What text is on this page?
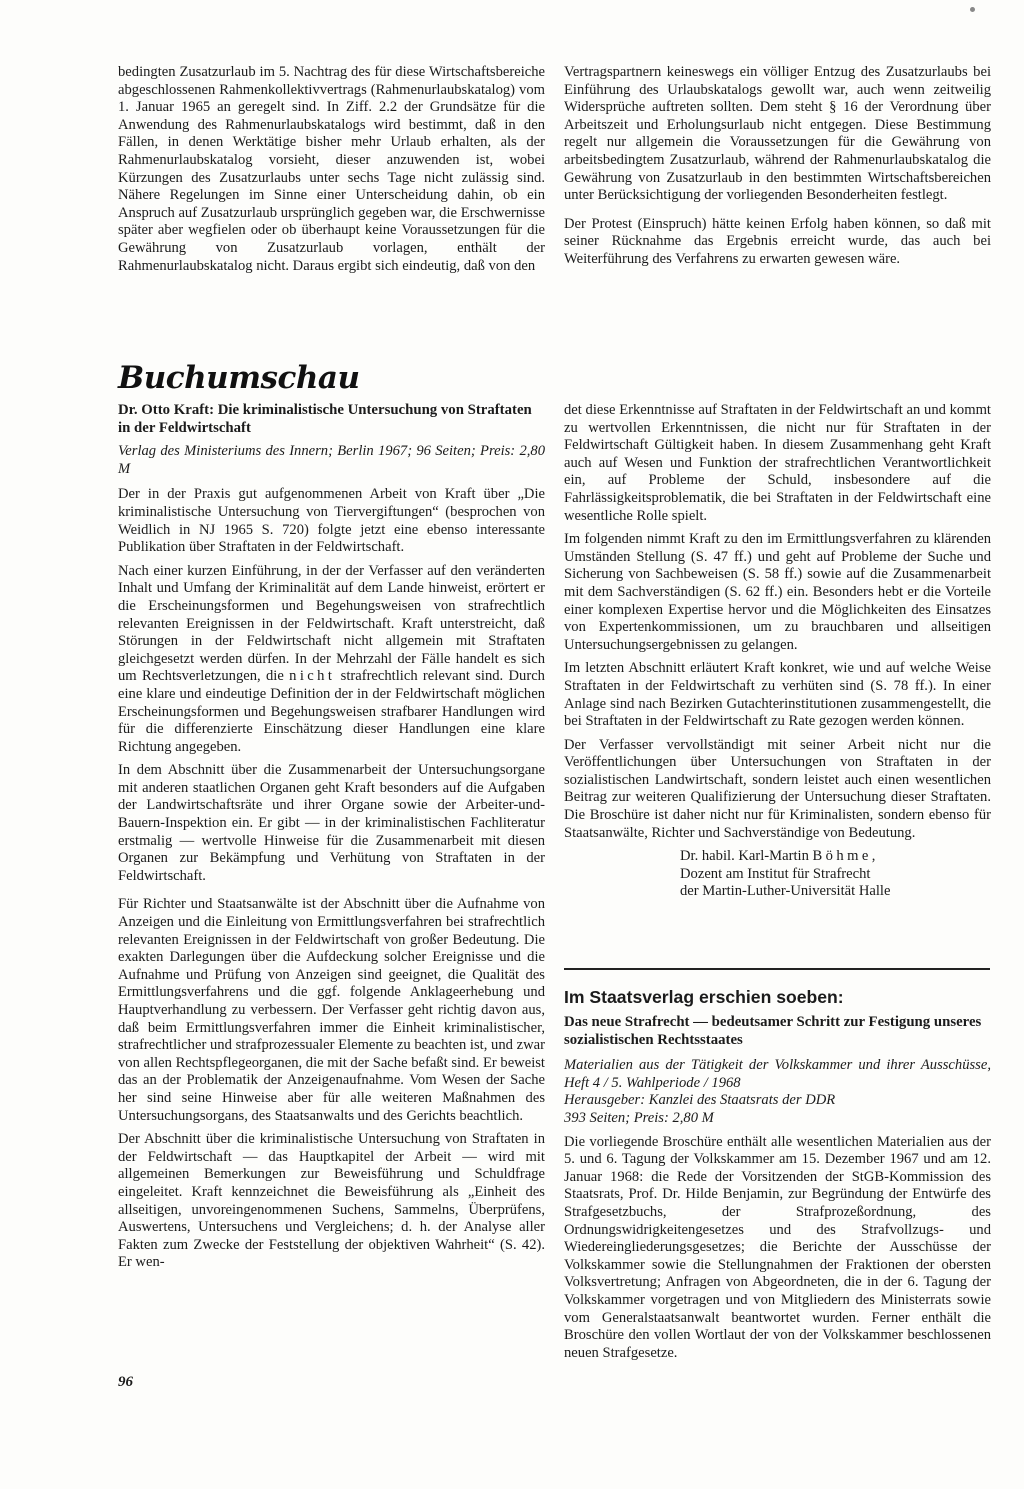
bedingten Zusatzurlaub im 5. Nachtrag des für diese Wirtschaftsbereiche abgeschlossenen Rahmenkollektivvertrags (Rahmenurlaubskatalog) vom 1. Januar 1965 an geregelt sind. In Ziff. 2.2 der Grundsätze für die Anwendung des Rahmenurlaubskatalogs wird bestimmt, daß in den Fällen, in denen Werktätige bisher mehr Urlaub erhalten, als der Rahmenurlaubskatalog vorsieht, dieser anzuwenden ist, wobei Kürzungen des Zusatzurlaubs unter sechs Tage nicht zulässig sind. Nähere Regelungen im Sinne einer Unterscheidung dahin, ob ein Anspruch auf Zusatzurlaub ursprünglich gegeben war, die Erschwernisse später aber wegfielen oder ob überhaupt keine Voraussetzungen für die Gewährung von Zusatzurlaub vorlagen, enthält der Rahmenurlaubskatalog nicht. Daraus ergibt sich eindeutig, daß von den

Vertragspartnern keineswegs ein völliger Entzug des Zusatzurlaubs bei Einführung des Urlaubskatalogs gewollt war, auch wenn zeitweilig Widersprüche auftreten sollten. Dem steht § 16 der Verordnung über Arbeitszeit und Erholungsurlaub nicht entgegen. Diese Bestimmung regelt nur allgemein die Voraussetzungen für die Gewährung von arbeitsbedingtem Zusatzurlaub, während der Rahmenurlaubskatalog die Gewährung von Zusatzurlaub in den bestimmten Wirtschaftsbereichen unter Berücksichtigung der vorliegenden Besonderheiten festlegt.

Der Protest (Einspruch) hätte keinen Erfolg haben können, so daß mit seiner Rücknahme das Ergebnis erreicht wurde, das auch bei Weiterführung des Verfahrens zu erwarten gewesen wäre.

Buchumschau

Dr. Otto Kraft: Die kriminalistische Untersuchung von Straftaten in der Feldwirtschaft

Verlag des Ministeriums des Innern; Berlin 1967; 96 Seiten; Preis: 2,80 M

Der in der Praxis gut aufgenommenen Arbeit von Kraft über „Die kriminalistische Untersuchung von Tiervergiftungen“ (besprochen von Weidlich in NJ 1965 S. 720) folgte jetzt eine ebenso interessante Publikation über Straftaten in der Feldwirtschaft.

Nach einer kurzen Einführung, in der der Verfasser auf den veränderten Inhalt und Umfang der Kriminalität auf dem Lande hinweist, erörtert er die Erscheinungsformen und Begehungsweisen von strafrechtlich relevanten Ereignissen in der Feldwirtschaft. Kraft unterstreicht, daß Störungen in der Feldwirtschaft nicht allgemein mit Straftaten gleichgesetzt werden dürfen. In der Mehrzahl der Fälle handelt es sich um Rechtsverletzungen, die nicht strafrechtlich relevant sind. Durch eine klare und eindeutige Definition der in der Feldwirtschaft möglichen Erscheinungsformen und Begehungsweisen strafbarer Handlungen wird für die differenzierte Einschätzung dieser Handlungen eine klare Richtung angegeben.

In dem Abschnitt über die Zusammenarbeit der Untersuchungsorgane mit anderen staatlichen Organen geht Kraft besonders auf die Aufgaben der Landwirtschaftsräte und ihrer Organe sowie der Arbeiter-und-Bauern-Inspektion ein. Er gibt — in der kriminalistischen Fachliteratur erstmalig — wertvolle Hinweise für die Zusammenarbeit mit diesen Organen zur Bekämpfung und Verhütung von Straftaten in der Feldwirtschaft.

Für Richter und Staatsanwälte ist der Abschnitt über die Aufnahme von Anzeigen und die Einleitung von Ermittlungsverfahren bei strafrechtlich relevanten Ereignissen in der Feldwirtschaft von großer Bedeutung. Die exakten Darlegungen über die Aufdeckung solcher Ereignisse und die Aufnahme und Prüfung von Anzeigen sind geeignet, die Qualität des Ermittlungsverfahrens und die ggf. folgende Anklageerhebung und Hauptverhandlung zu verbessern. Der Verfasser geht richtig davon aus, daß beim Ermittlungsverfahren immer die Einheit kriminalistischer, strafrechtlicher und strafprozessualer Elemente zu beachten ist, und zwar von allen Rechtspflegeorganen, die mit der Sache befaßt sind. Er beweist das an der Problematik der Anzeigenaufnahme. Vom Wesen der Sache her sind seine Hinweise aber für alle weiteren Maßnahmen des Untersuchungsorgans, des Staatsanwalts und des Gerichts beachtlich.

Der Abschnitt über die kriminalistische Untersuchung von Straftaten in der Feldwirtschaft — das Hauptkapitel der Arbeit — wird mit allgemeinen Bemerkungen zur Beweisführung und Schuldfrage eingeleitet. Kraft kennzeichnet die Beweisführung als „Einheit des allseitigen, unvoreingenommenen Suchens, Sammelns, Überprüfens, Auswertens, Untersuchens und Vergleichens; d. h. der Analyse aller Fakten zum Zwecke der Feststellung der objektiven Wahrheit“ (S. 42). Er wen-

det diese Erkenntnisse auf Straftaten in der Feldwirtschaft an und kommt zu wertvollen Erkenntnissen, die nicht nur für Straftaten in der Feldwirtschaft Gültigkeit haben. In diesem Zusammenhang geht Kraft auch auf Wesen und Funktion der strafrechtlichen Verantwortlichkeit ein, auf Probleme der Schuld, insbesondere auf die Fahrlässigkeitsproblematik, die bei Straftaten in der Feldwirtschaft eine wesentliche Rolle spielt.

Im folgenden nimmt Kraft zu den im Ermittlungsverfahren zu klärenden Umständen Stellung (S. 47 ff.) und geht auf Probleme der Suche und Sicherung von Sachbeweisen (S. 58 ff.) sowie auf die Zusammenarbeit mit dem Sachverständigen (S. 62 ff.) ein. Besonders hebt er die Vorteile einer komplexen Expertise hervor und die Möglichkeiten des Einsatzes von Expertenkommissionen, um zu brauchbaren und allseitigen Untersuchungsergebnissen zu gelangen.

Im letzten Abschnitt erläutert Kraft konkret, wie und auf welche Weise Straftaten in der Feldwirtschaft zu verhüten sind (S. 78 ff.). In einer Anlage sind nach Bezirken Gutachterinstitutionen zusammengestellt, die bei Straftaten in der Feldwirtschaft zu Rate gezogen werden können.

Der Verfasser vervollständigt mit seiner Arbeit nicht nur die Veröffentlichungen über Untersuchungen von Straftaten in der sozialistischen Landwirtschaft, sondern leistet auch einen wesentlichen Beitrag zur weiteren Qualifizierung der Untersuchung dieser Straftaten. Die Broschüre ist daher nicht nur für Kriminalisten, sondern ebenso für Staatsanwälte, Richter und Sachverständige von Bedeutung.

Dr. habil. Karl-Martin Böhme,
Dozent am Institut für Strafrecht
der Martin-Luther-Universität Halle

Im Staatsverlag erschien soeben:

Das neue Strafrecht — bedeutsamer Schritt zur Festigung unseres sozialistischen Rechtsstaates

Materialien aus der Tätigkeit der Volkskammer und ihrer Ausschüsse, Heft 4 / 5. Wahlperiode / 1968

Herausgeber: Kanzlei des Staatsrats der DDR

393 Seiten; Preis: 2,80 M

Die vorliegende Broschüre enthält alle wesentlichen Materialien aus der 5. und 6. Tagung der Volkskammer am 15. Dezember 1967 und am 12. Januar 1968: die Rede der Vorsitzenden der StGB-Kommission des Staatsrats, Prof. Dr. Hilde Benjamin, zur Begründung der Entwürfe des Strafgesetzbuchs, der Strafprozeßordnung, des Ordnungswidrigkeitengesetzes und des Strafvollzugs- und Wiedereingliederungsgesetzes; die Berichte der Ausschüsse der Volkskammer sowie die Stellungnahmen der Fraktionen der obersten Volksvertretung; Anfragen von Abgeordneten, die in der 6. Tagung der Volkskammer vorgetragen und von Mitgliedern des Ministerrats sowie vom Generalstaatsanwalt beantwortet wurden. Ferner enthält die Broschüre den vollen Wortlaut der von der Volkskammer beschlossenen neuen Strafgesetze.

96
